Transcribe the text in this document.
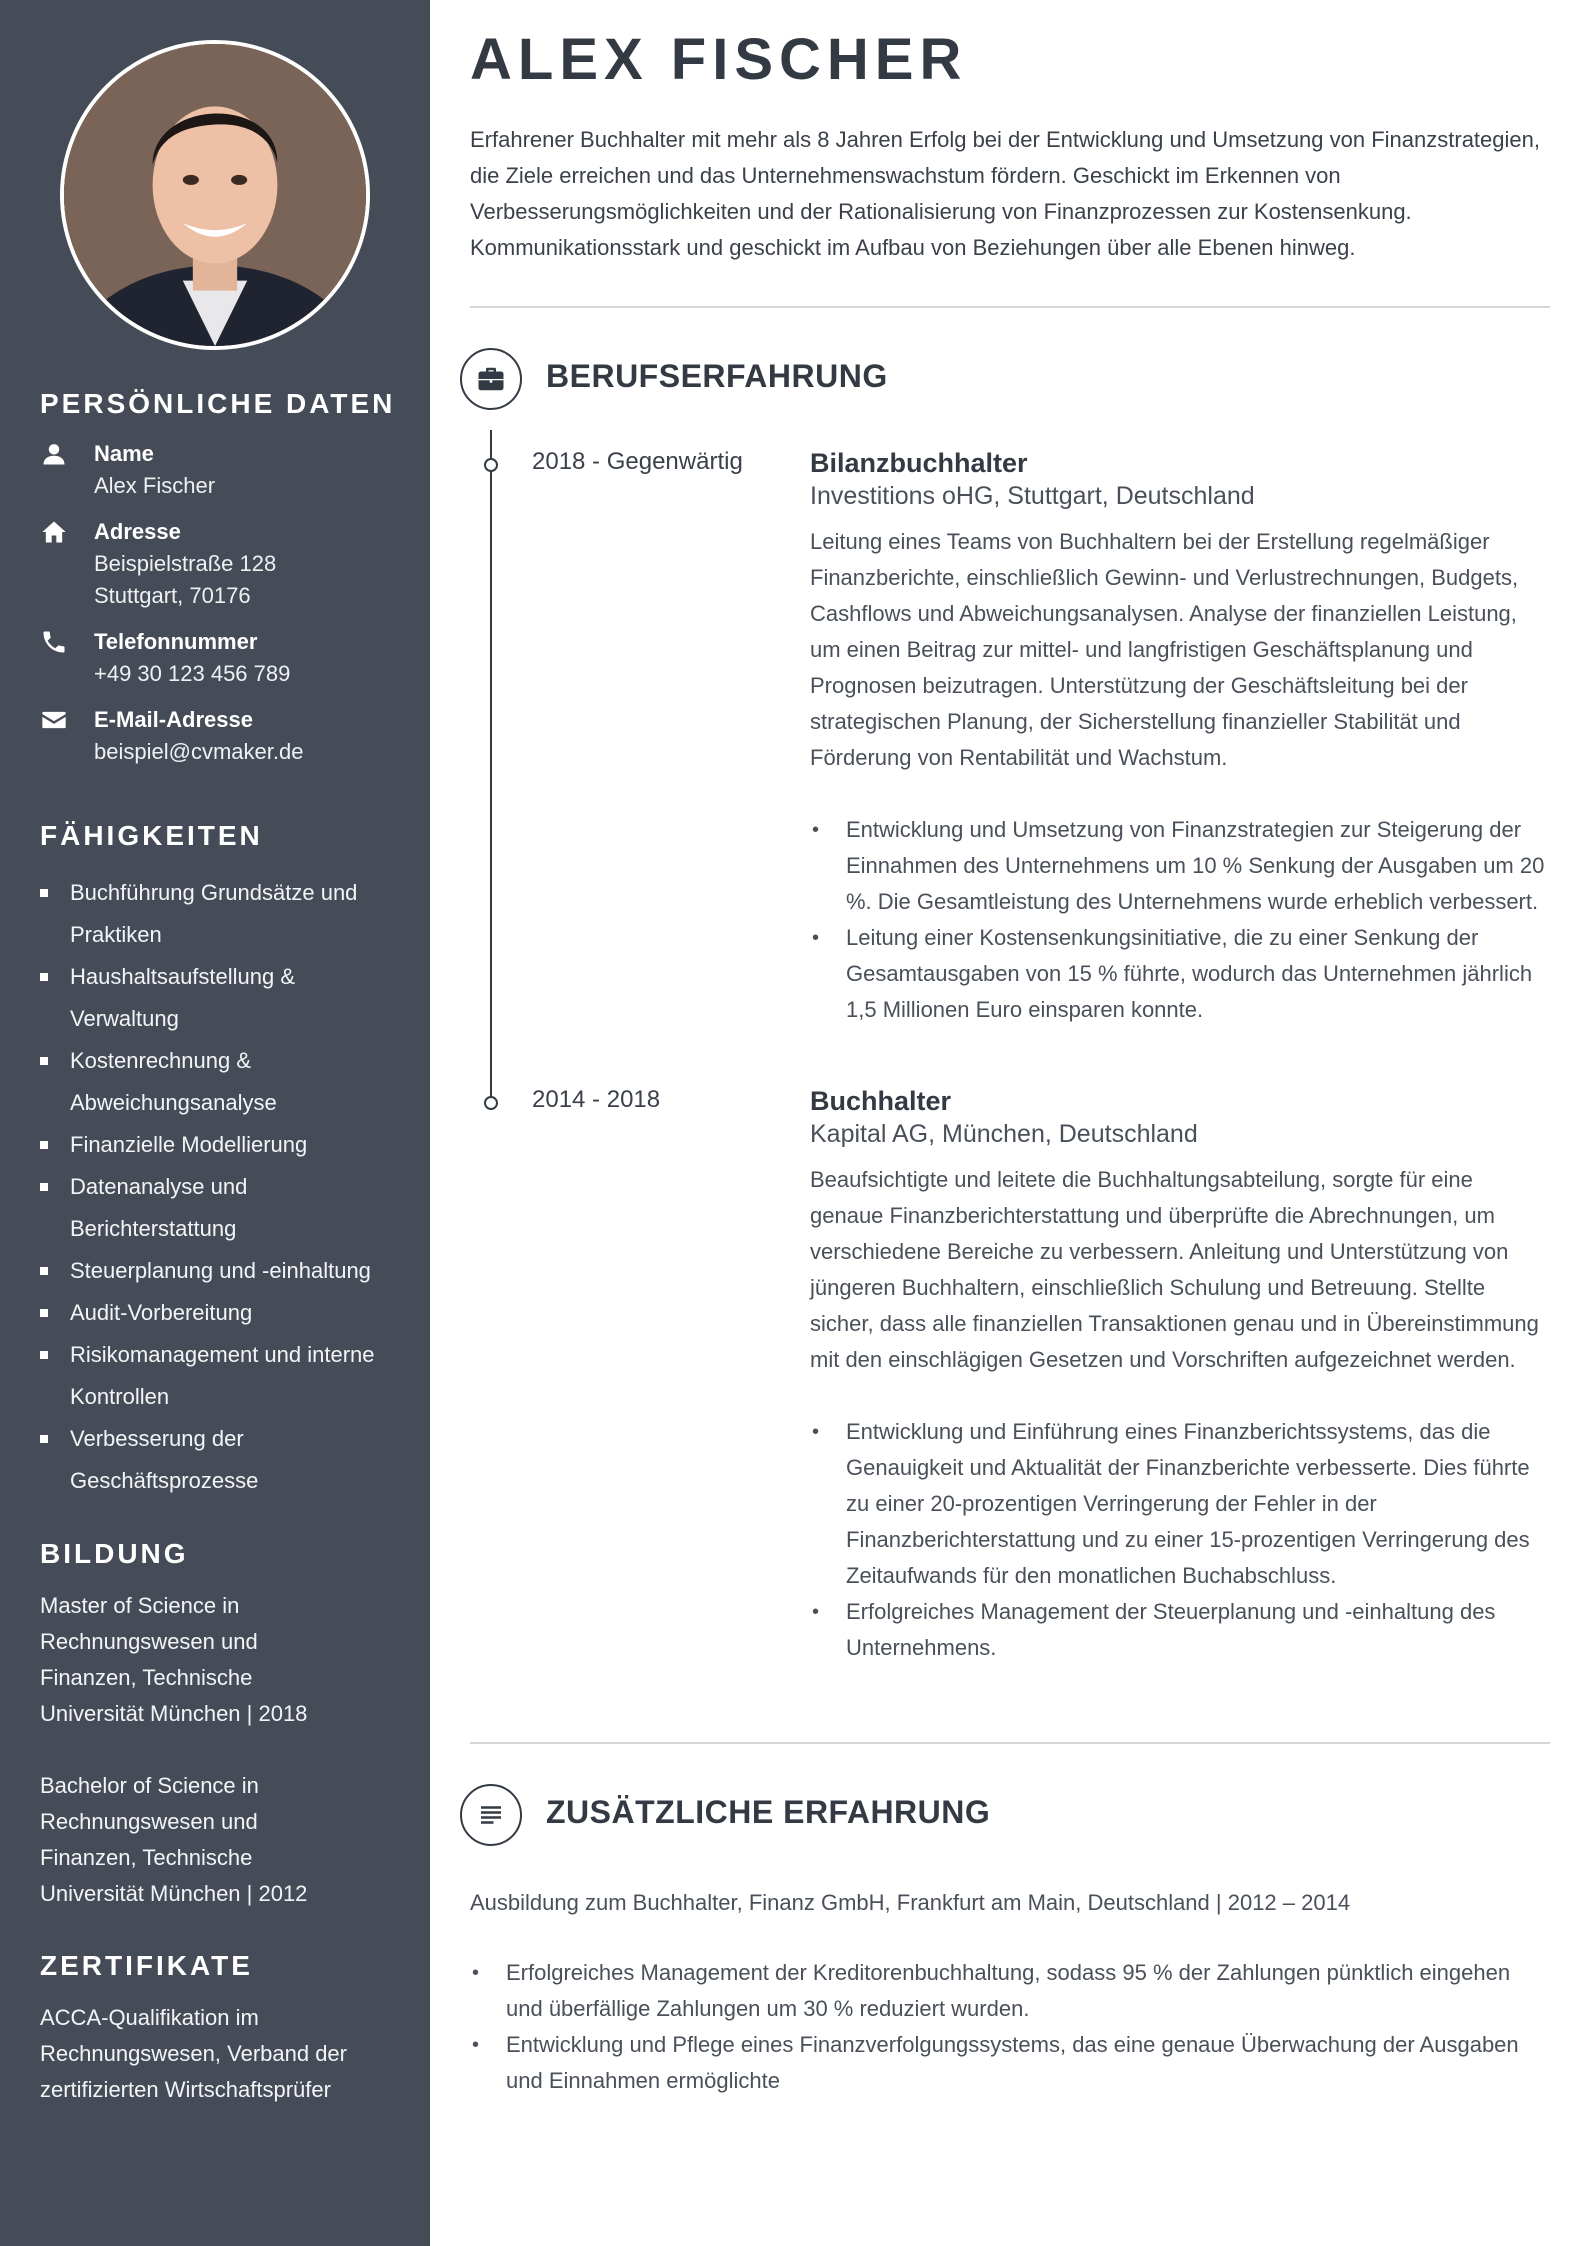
PERSÖNLICHE DATEN
Name
Alex Fischer
Adresse
Beispielstraße 128
Stuttgart, 70176
Telefonnummer
+49 30 123 456 789
E-Mail-Adresse
beispiel@cvmaker.de
FÄHIGKEITEN
Buchführung Grundsätze und Praktiken
Haushaltsaufstellung & Verwaltung
Kostenrechnung & Abweichungsanalyse
Finanzielle Modellierung
Datenanalyse und Berichterstattung
Steuerplanung und -einhaltung
Audit-Vorbereitung
Risikomanagement und interne Kontrollen
Verbesserung der Geschäftsprozesse
BILDUNG
Master of Science in Rechnungswesen und Finanzen, Technische Universität München | 2018
Bachelor of Science in Rechnungswesen und Finanzen, Technische Universität München | 2012
ZERTIFIKATE
ACCA-Qualifikation im Rechnungswesen, Verband der zertifizierten Wirtschaftsprüfer
ALEX FISCHER

Erfahrener Buchhalter mit mehr als 8 Jahren Erfolg bei der Entwicklung und Umsetzung von Finanzstrategien, die Ziele erreichen und das Unternehmenswachstum fördern. Geschickt im Erkennen von Verbesserungsmöglichkeiten und der Rationalisierung von Finanzprozessen zur Kostensenkung. Kommunikationsstark und geschickt im Aufbau von Beziehungen über alle Ebenen hinweg.

BERUFSERFAHRUNG
2018 - Gegenwärtig Bilanzbuchhalter
Investitions oHG, Stuttgart, Deutschland

Leitung eines Teams von Buchhaltern bei der Erstellung regelmäßiger Finanzberichte, einschließlich Gewinn- und Verlustrechnungen, Budgets, Cashflows und Abweichungsanalysen. Analyse der finanziellen Leistung, um einen Beitrag zur mittel- und langfristigen Geschäftsplanung und Prognosen beizutragen. Unterstützung der Geschäftsleitung bei der strategischen Planung, der Sicherstellung finanzieller Stabilität und Förderung von Rentabilität und Wachstum.

• Entwicklung und Umsetzung von Finanzstrategien zur Steigerung der Einnahmen des Unternehmens um 10 % Senkung der Ausgaben um 20 %. Die Gesamtleistung des Unternehmens wurde erheblich verbessert.
• Leitung einer Kostensenkungsinitiative, die zu einer Senkung der Gesamtausgaben von 15 % führte, wodurch das Unternehmen jährlich 1,5 Millionen Euro einsparen konnte.
2014 - 2018	Buchhalter
Kapital AG, München, Deutschland

Beaufsichtigte und leitete die Buchhaltungsabteilung, sorgte für eine genaue Finanzberichterstattung und überprüfte die Abrechnungen, um verschiedene Bereiche zu verbessern. Anleitung und Unterstützung von jüngeren Buchhaltern, einschließlich Schulung und Betreuung. Stellte sicher, dass alle finanziellen Transaktionen genau und in Übereinstimmung mit den einschlägigen Gesetzen und Vorschriften aufgezeichnet werden.

• Entwicklung und Einführung eines Finanzberichtssystems, das die Genauigkeit und Aktualität der Finanzberichte verbesserte. Dies führte zu einer 20-prozentigen Verringerung der Fehler in der Finanzberichterstattung und zu einer 15-prozentigen Verringerung des Zeitaufwands für den monatlichen Buchabschluss.
• Erfolgreiches Management der Steuerplanung und -einhaltung des Unternehmens.
ZUSÄTZLICHE ERFAHRUNG
Ausbildung zum Buchhalter, Finanz GmbH, Frankfurt am Main, Deutschland | 2012 – 2014
• Erfolgreiches Management der Kreditorenbuchhaltung, sodass 95 % der Zahlungen pünktlich eingehen und überfällige Zahlungen um 30 % reduziert wurden.
• Entwicklung und Pflege eines Finanzverfolgungssystems, das eine genaue Überwachung der Ausgaben und Einnahmen ermöglichte
